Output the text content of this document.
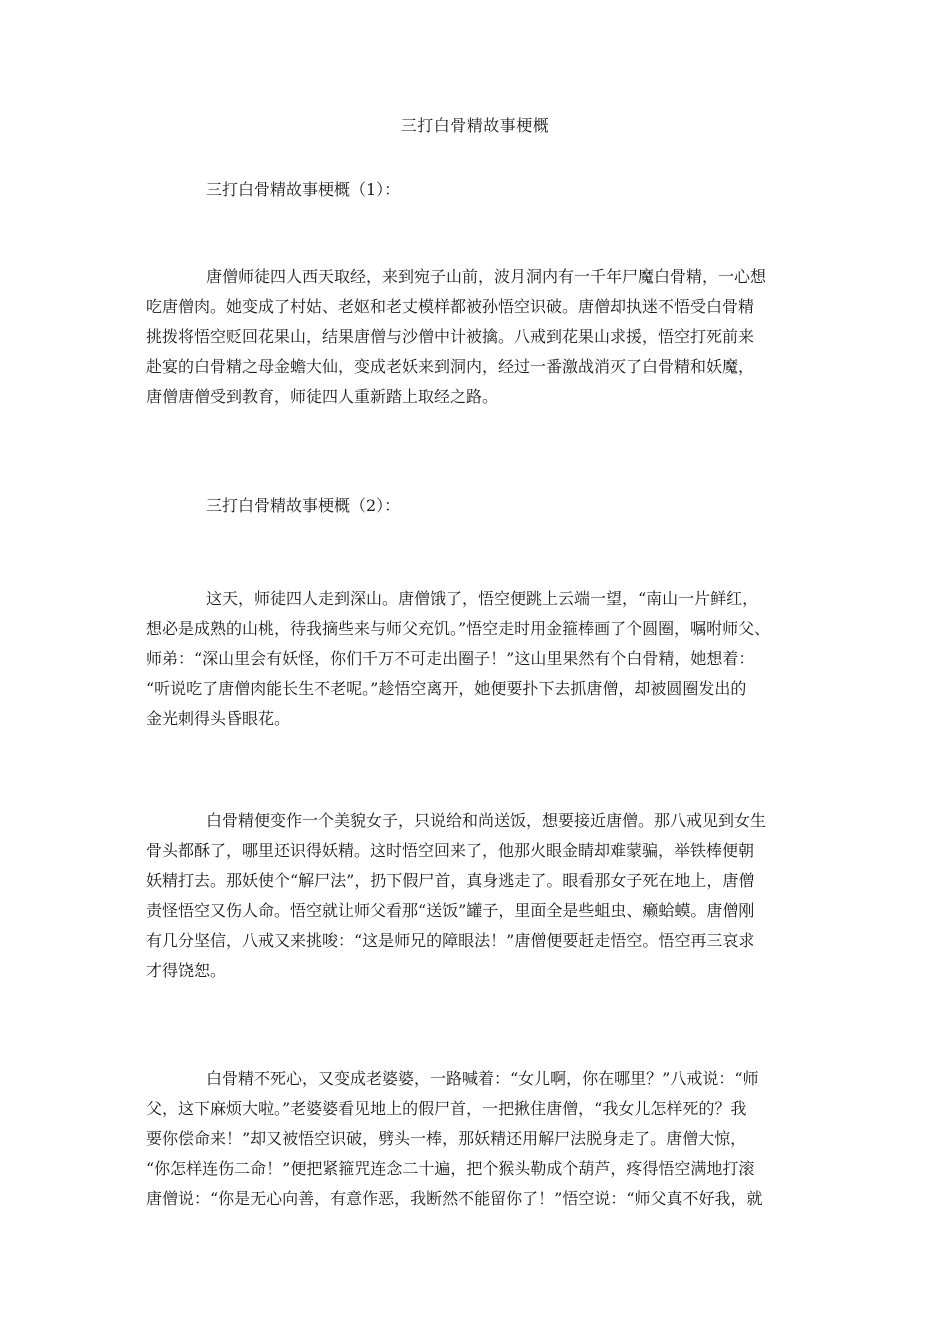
三打白骨精故事梗概
三打白骨精故事梗概（1）：
唐僧师徒四人西天取经，来到宛子山前，波月洞内有一千年尸魔白骨精，一心想
吃唐僧肉。她变成了村姑、老妪和老丈模样都被孙悟空识破。唐僧却执迷不悟受白骨精
挑拨将悟空贬回花果山，结果唐僧与沙僧中计被擒。八戒到花果山求援，悟空打死前来
赴宴的白骨精之母金蟾大仙，变成老妖来到洞内，经过一番激战消灭了白骨精和妖魔，
唐僧唐僧受到教育，师徒四人重新踏上取经之路。
三打白骨精故事梗概（2）：
这天，师徒四人走到深山。唐僧饿了，悟空便跳上云端一望，“南山一片鲜红，
想必是成熟的山桃，待我摘些来与师父充饥。”悟空走时用金箍棒画了个圆圈，嘱咐师父、
师弟：“深山里会有妖怪，你们千万不可走出圈子！”这山里果然有个白骨精，她想着：
“听说吃了唐僧肉能长生不老呢。”趁悟空离开，她便要扑下去抓唐僧，却被圆圈发出的
金光刺得头昏眼花。
白骨精便变作一个美貌女子，只说给和尚送饭，想要接近唐僧。那八戒见到女生
骨头都酥了，哪里还识得妖精。这时悟空回来了，他那火眼金睛却难蒙骗，举铁棒便朝
妖精打去。那妖使个“解尸法”，扔下假尸首，真身逃走了。眼看那女子死在地上，唐僧
责怪悟空又伤人命。悟空就让师父看那“送饭”罐子，里面全是些蛆虫、癞蛤蟆。唐僧刚
有几分坚信，八戒又来挑唆：“这是师兄的障眼法！”唐僧便要赶走悟空。悟空再三哀求
才得饶恕。
白骨精不死心，又变成老婆婆，一路喊着：“女儿啊，你在哪里？”八戒说：“师
父，这下麻烦大啦。”老婆婆看见地上的假尸首，一把揪住唐僧，“我女儿怎样死的？我
要你偿命来！”却又被悟空识破，劈头一棒，那妖精还用解尸法脱身走了。唐僧大惊，
“你怎样连伤二命！”便把紧箍咒连念二十遍，把个猴头勒成个葫芦，疼得悟空满地打滚
唐僧说：“你是无心向善，有意作恶，我断然不能留你了！”悟空说：“师父真不好我，就
